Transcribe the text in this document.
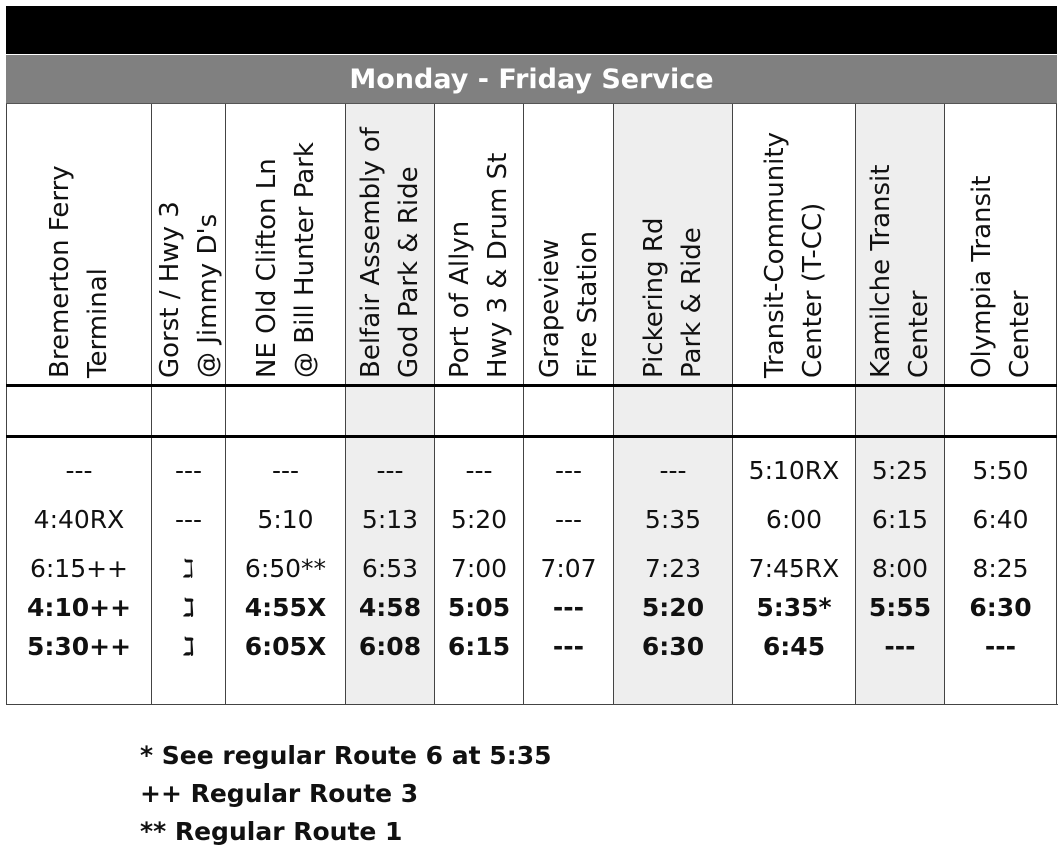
Monday - Friday Service
Bremerton Ferry
Terminal
---
4:40RX
6:15++
4:10++
5:30++
Gorst / Hwy 3
@ Jimmy D's
---
---
ℷ
ℷ
ℷ
NE Old Clifton Ln
@ Bill Hunter Park
---
5:10
6:50**
4:55X
6:05X
Belfair Assembly of
God Park & Ride
---
5:13
6:53
4:58
6:08
Port of Allyn
Hwy 3 & Drum St
---
5:20
7:00
5:05
6:15
Grapeview
Fire Station
---
---
7:07
---
---
Pickering Rd
Park & Ride
---
5:35
7:23
5:20
6:30
Transit-Community
Center (T-CC)
5:10RX
6:00
7:45RX
5:35*
6:45
Kamilche Transit
Center
5:25
6:15
8:00
5:55
---
Olympia Transit
Center
5:50
6:40
8:25
6:30
---
* See regular Route 6 at 5:35
++ Regular Route 3
** Regular Route 1
